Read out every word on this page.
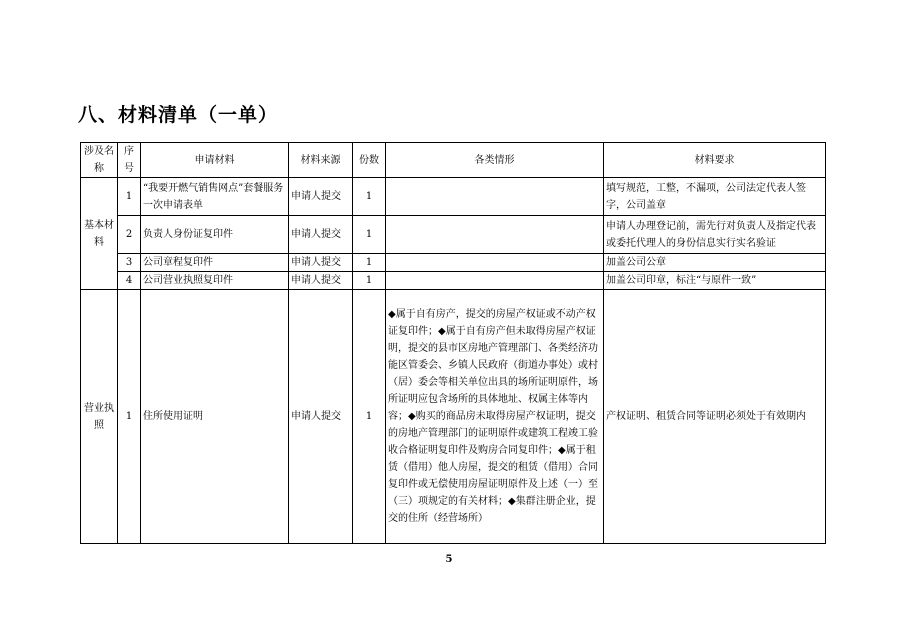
八、材料清单（一单）
涉及名称	序号	申请材料	材料来源	份数	各类情形	材料要求
基本材料	1	“我要开燃气销售网点”套餐服务一次申请表单	申请人提交	1		填写规范，工整，不漏项，公司法定代表人签字，公司盖章
	2	负责人身份证复印件	申请人提交	1		申请人办理登记前，需先行对负责人及指定代表或委托代理人的身份信息实行实名验证
	3	公司章程复印件	申请人提交	1		加盖公司公章
	4	公司营业执照复印件	申请人提交	1		加盖公司印章，标注“与原件一致”
营业执照	1	住所使用证明	申请人提交	1	◆属于自有房产，提交的房屋产权证或不动产权证复印件；◆属于自有房产但未取得房屋产权证明，提交的县市区房地产管理部门、各类经济功能区管委会、乡镇人民政府（街道办事处）或村（居）委会等相关单位出具的场所证明原件，场所证明应包含场所的具体地址、权属主体等内容；◆购买的商品房未取得房屋产权证明，提交的房地产管理部门的证明原件或建筑工程竣工验收合格证明复印件及购房合同复印件；◆属于租赁（借用）他人房屋，提交的租赁（借用）合同复印件或无偿使用房屋证明原件及上述（一）至（三）项规定的有关材料；◆集群注册企业，提交的住所（经营场所）	产权证明、租赁合同等证明必须处于有效期内
5
